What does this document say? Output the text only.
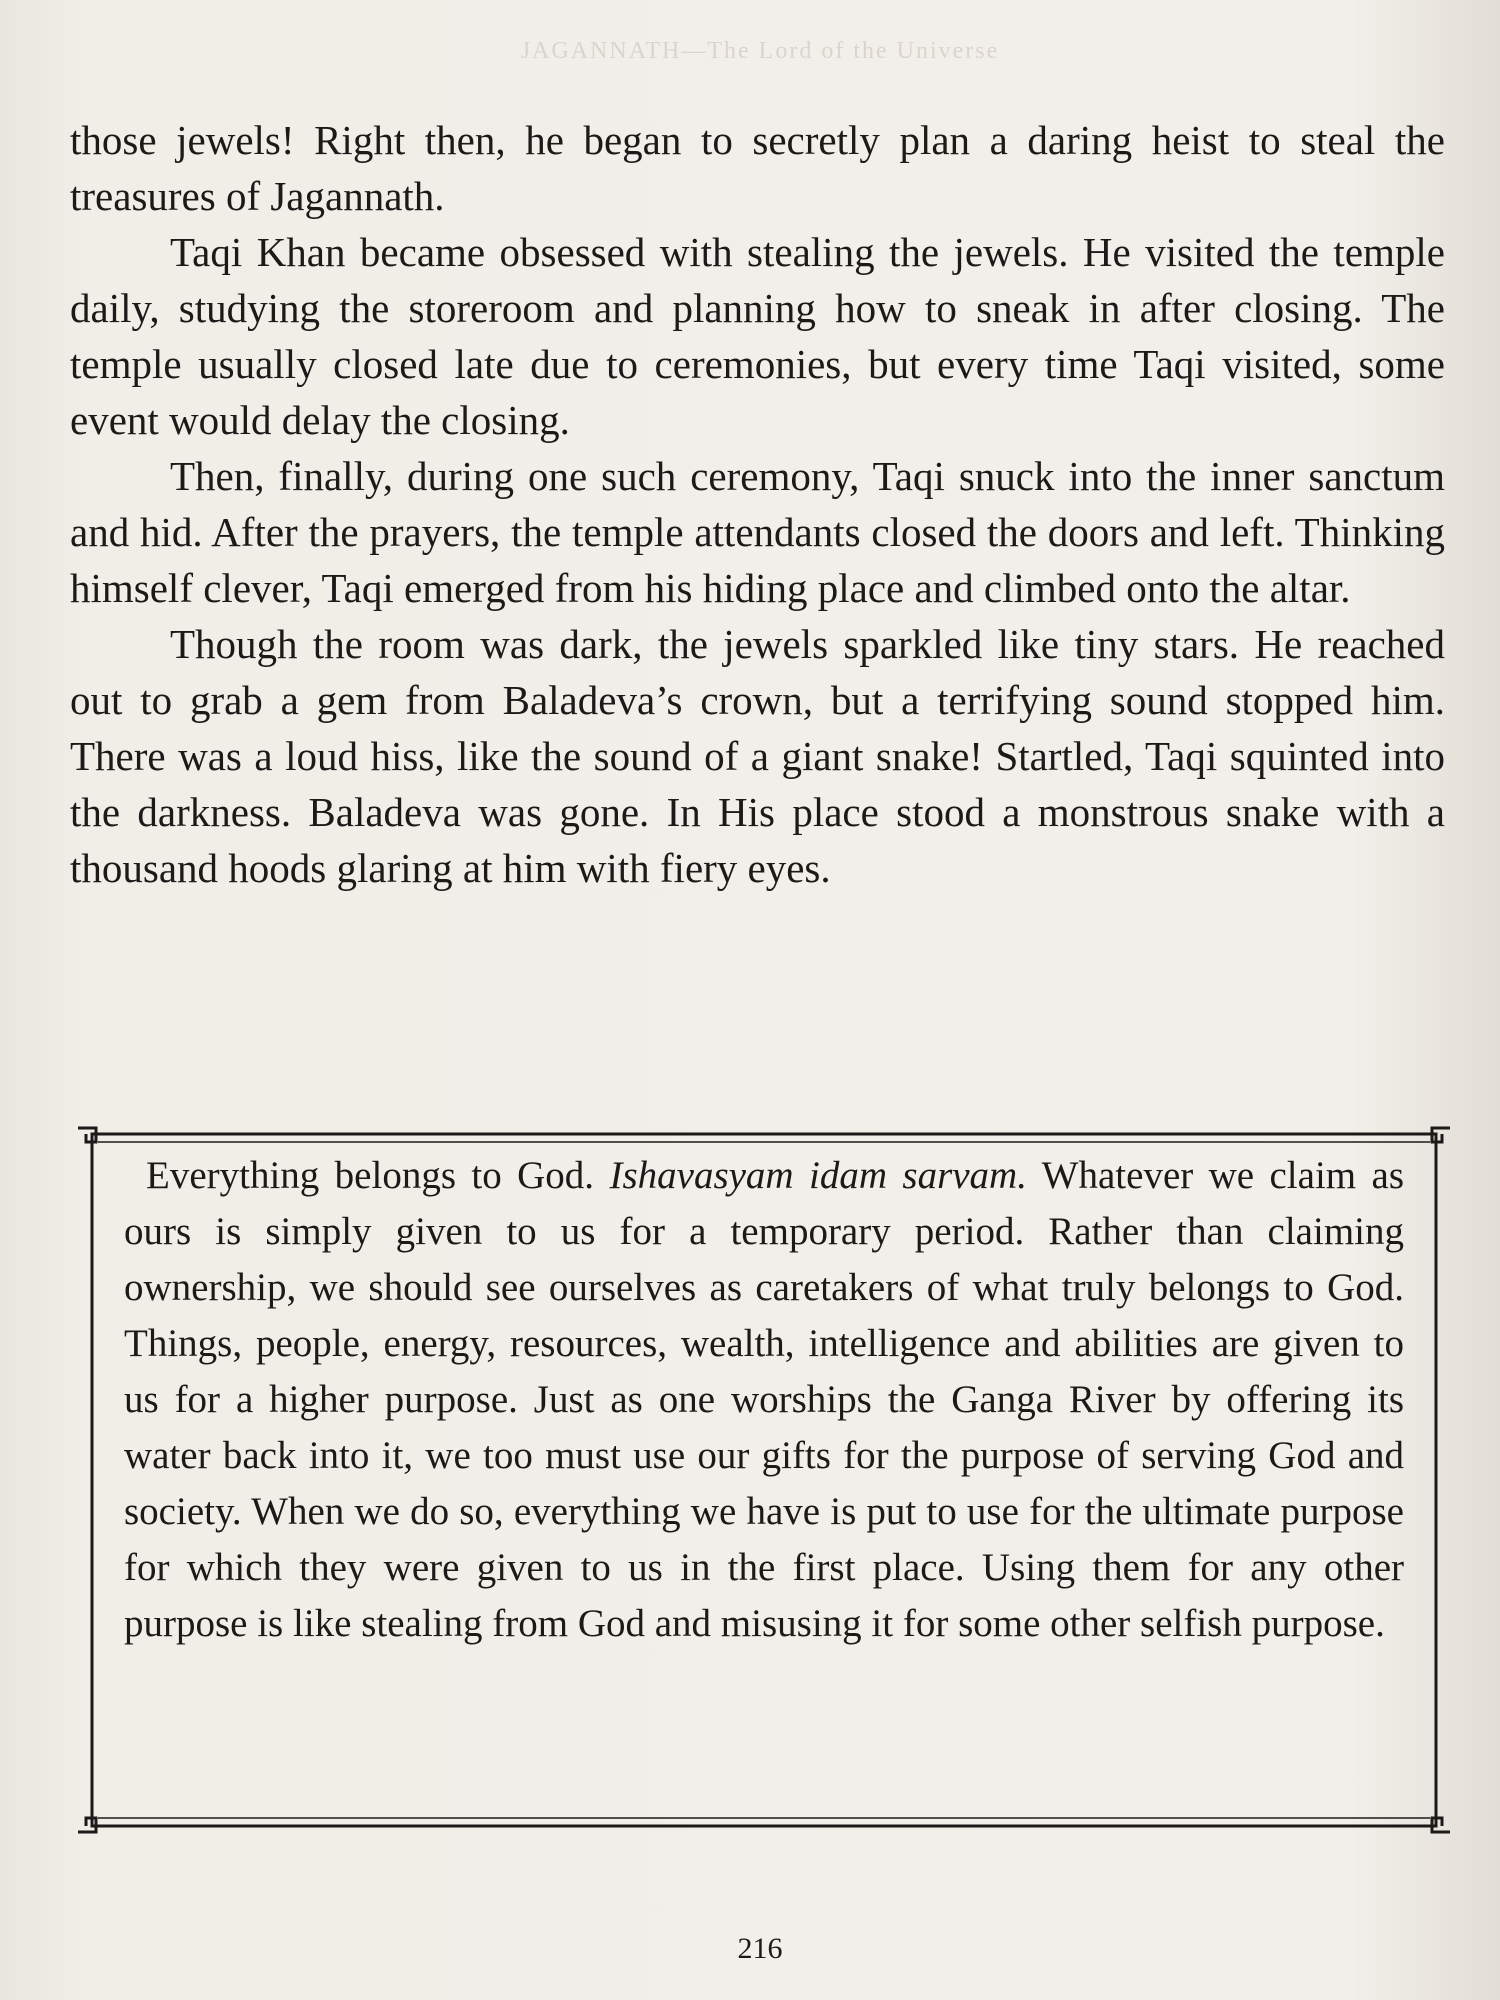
JAGANNATH—The Lord of the Universe

those jewels! Right then, he began to secretly plan a daring heist to steal the treasures of Jagannath.

Taqi Khan became obsessed with stealing the jewels. He visited the temple daily, studying the storeroom and planning how to sneak in after closing. The temple usually closed late due to ceremonies, but every time Taqi visited, some event would delay the closing.

Then, finally, during one such ceremony, Taqi snuck into the inner sanctum and hid. After the prayers, the temple attendants closed the doors and left. Thinking himself clever, Taqi emerged from his hiding place and climbed onto the altar.

Though the room was dark, the jewels sparkled like tiny stars. He reached out to grab a gem from Baladeva’s crown, but a terrifying sound stopped him. There was a loud hiss, like the sound of a giant snake! Startled, Taqi squinted into the darkness. Baladeva was gone. In His place stood a monstrous snake with a thousand hoods glaring at him with fiery eyes.

Everything belongs to God. Ishavasyam idam sarvam. Whatever we claim as ours is simply given to us for a temporary period. Rather than claiming ownership, we should see ourselves as caretakers of what truly belongs to God. Things, people, energy, resources, wealth, intelligence and abilities are given to us for a higher purpose. Just as one worships the Ganga River by offering its water back into it, we too must use our gifts for the purpose of serving God and society. When we do so, everything we have is put to use for the ultimate purpose for which they were given to us in the first place. Using them for any other purpose is like stealing from God and misusing it for some other selfish purpose.

216
